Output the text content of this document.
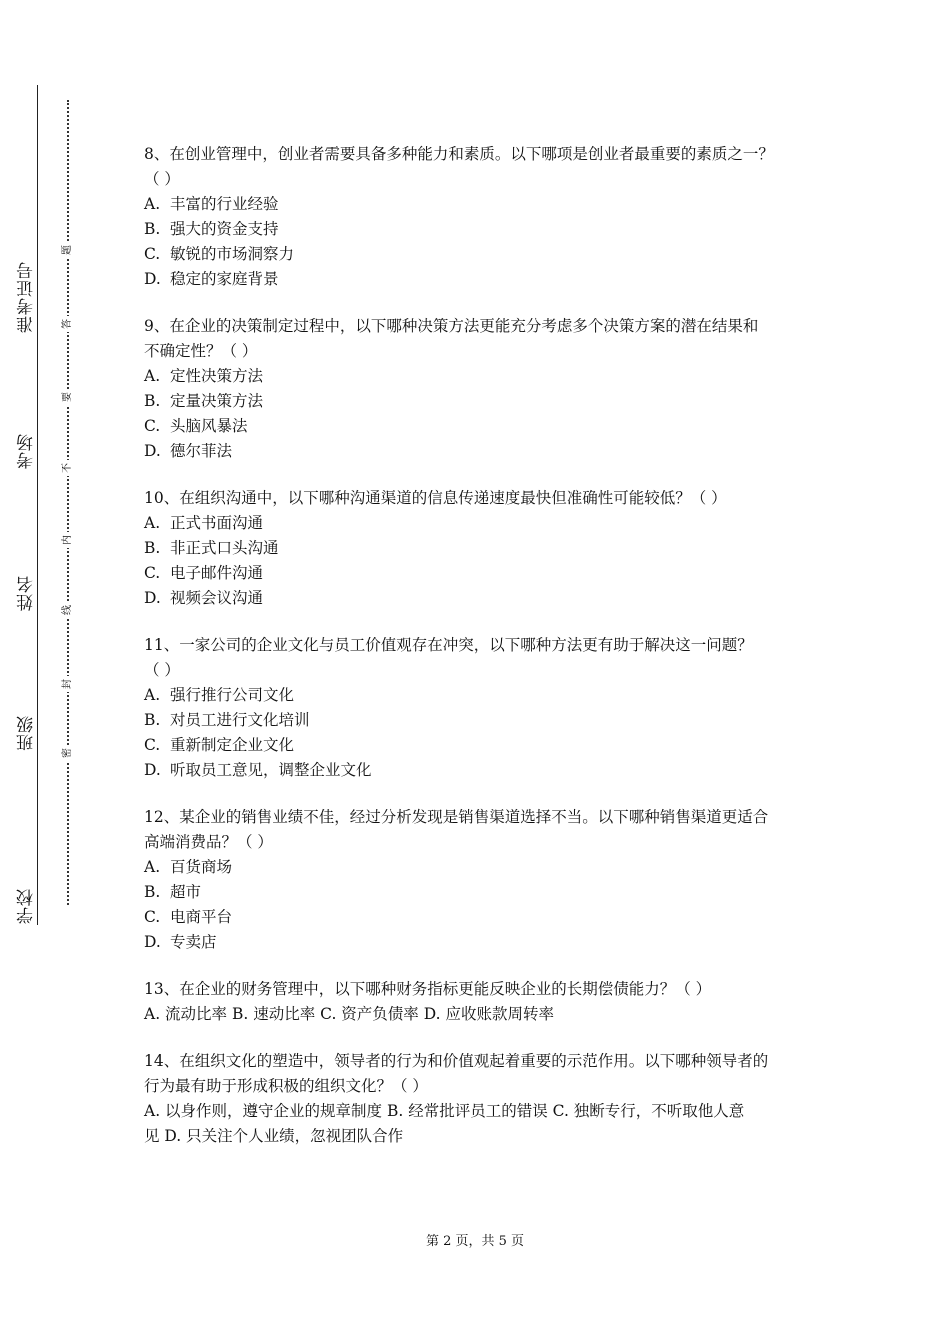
准考证号
考场
姓名
班级
学校
题
答
要
不
内
线
封
密

8、在创业管理中，创业者需要具备多种能力和素质。以下哪项是创业者最重要的素质之一？

（ ）

A. 丰富的行业经验

B. 强大的资金支持

C. 敏锐的市场洞察力

D. 稳定的家庭背景

9、在企业的决策制定过程中，以下哪种决策方法更能充分考虑多个决策方案的潜在结果和

不确定性？（ ）

A. 定性决策方法

B. 定量决策方法

C. 头脑风暴法

D. 德尔菲法

10、在组织沟通中，以下哪种沟通渠道的信息传递速度最快但准确性可能较低？（ ）

A. 正式书面沟通

B. 非正式口头沟通

C. 电子邮件沟通

D. 视频会议沟通

11、一家公司的企业文化与员工价值观存在冲突，以下哪种方法更有助于解决这一问题？

（ ）

A. 强行推行公司文化

B. 对员工进行文化培训

C. 重新制定企业文化

D. 听取员工意见，调整企业文化

12、某企业的销售业绩不佳，经过分析发现是销售渠道选择不当。以下哪种销售渠道更适合

高端消费品？（ ）

A. 百货商场

B. 超市

C. 电商平台

D. 专卖店

13、在企业的财务管理中，以下哪种财务指标更能反映企业的长期偿债能力？（ ）

A. 流动比率 B. 速动比率 C. 资产负债率 D. 应收账款周转率

14、在组织文化的塑造中，领导者的行为和价值观起着重要的示范作用。以下哪种领导者的

行为最有助于形成积极的组织文化？（ ）

A. 以身作则，遵守企业的规章制度 B. 经常批评员工的错误 C. 独断专行，不听取他人意

见 D. 只关注个人业绩，忽视团队合作

第 2 页，共 5 页
